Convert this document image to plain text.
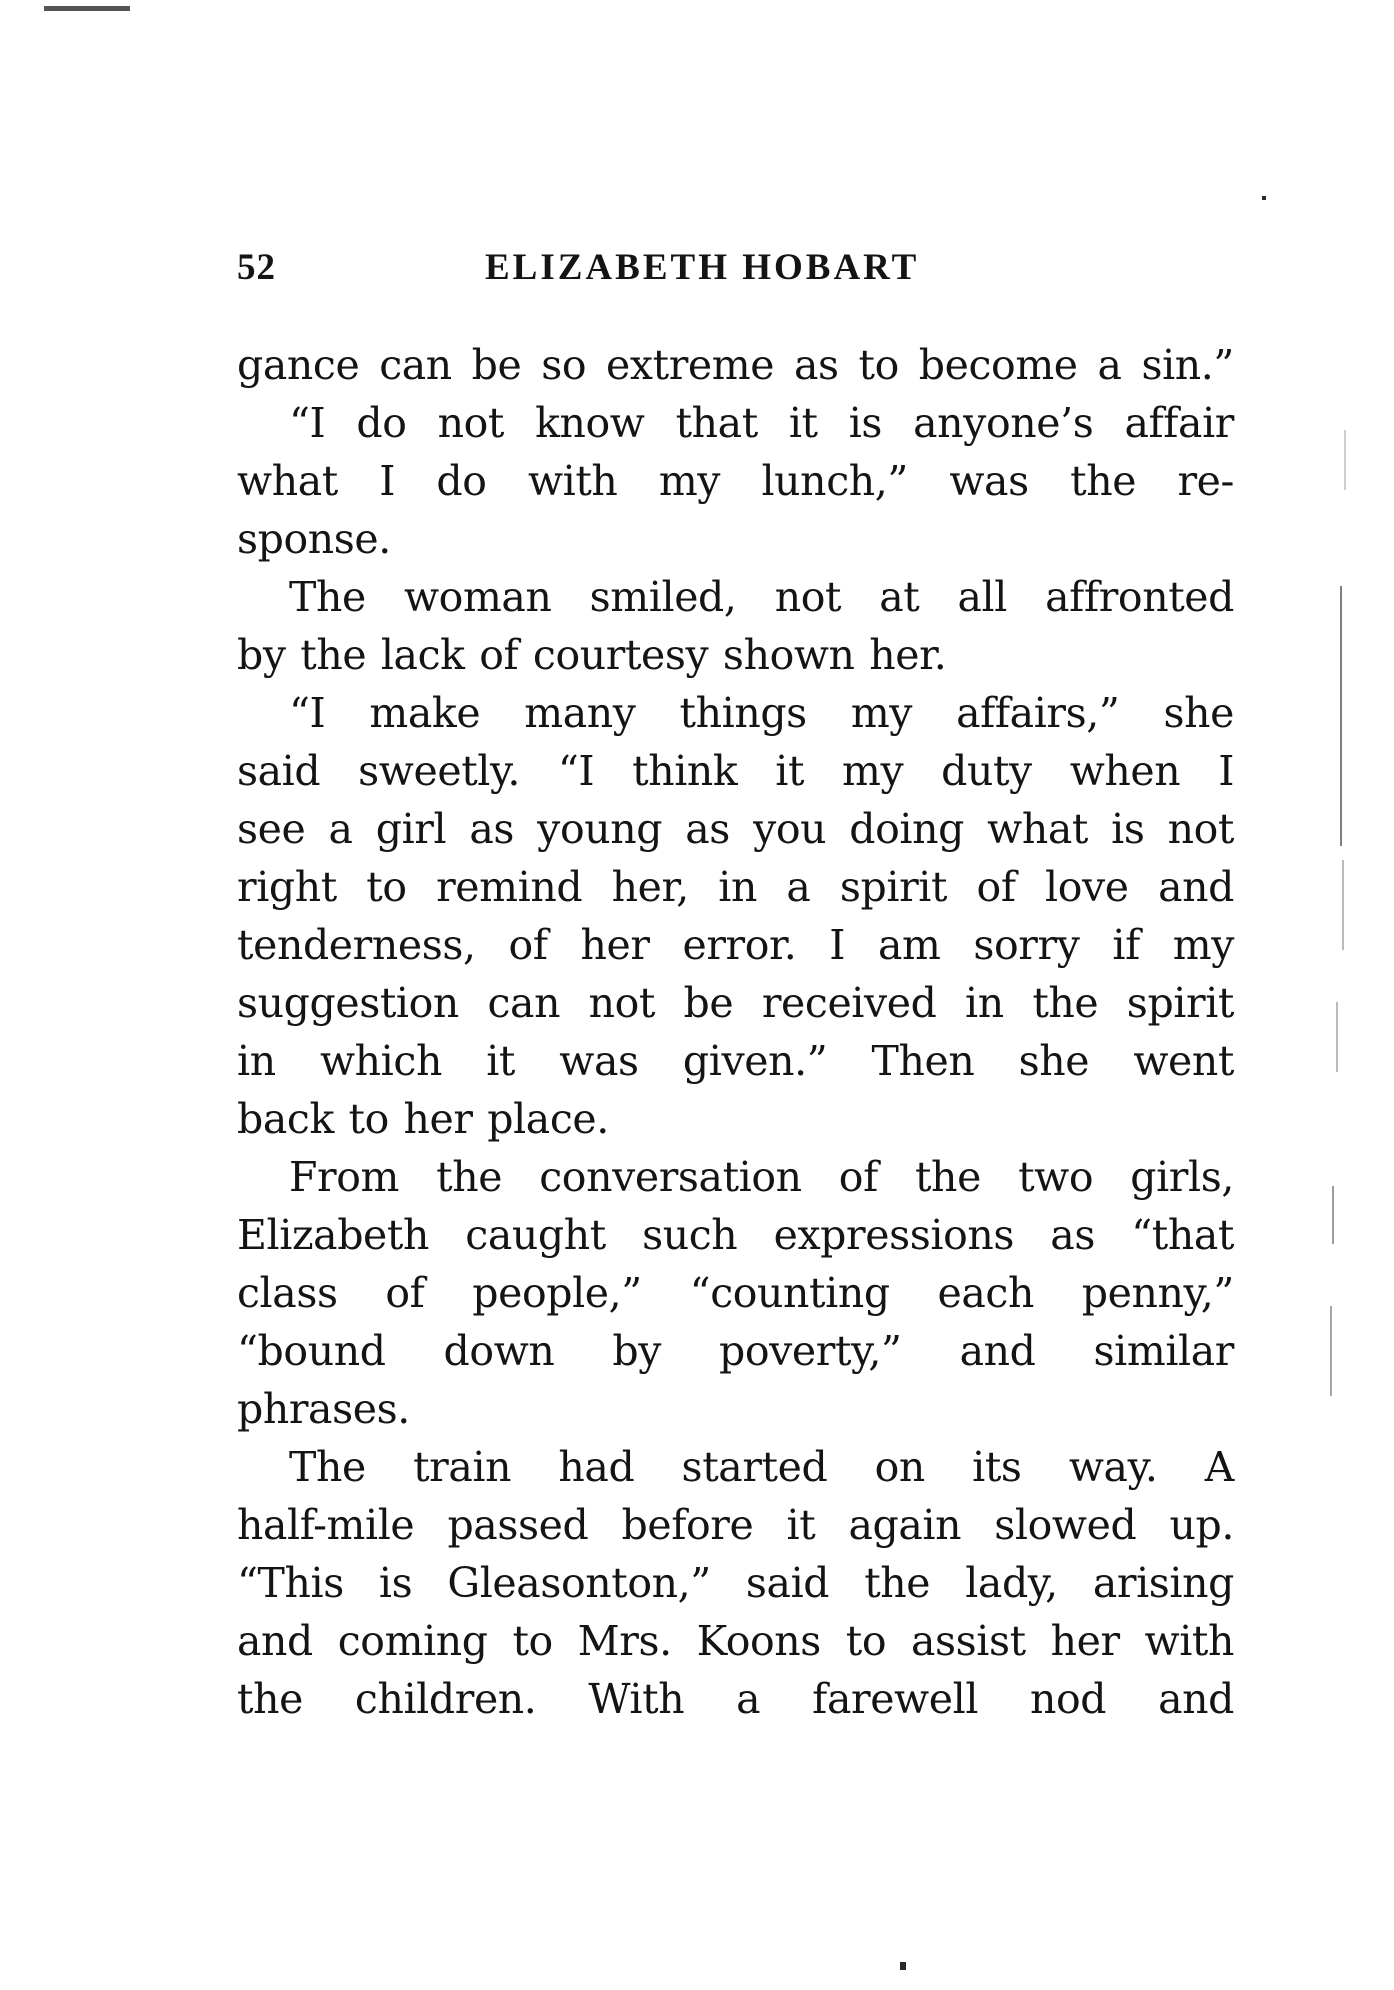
52	ELIZABETH HOBART
gance can be so extreme as to become a sin.”
“I do not know that it is anyone’s affair
what I do with my lunch,” was the re-
sponse.
The woman smiled, not at all affronted
by the lack of courtesy shown her.
“I make many things my affairs,” she
said sweetly. “I think it my duty when I
see a girl as young as you doing what is not
right to remind her, in a spirit of love and
tenderness, of her error. I am sorry if my
suggestion can not be received in the spirit
in which it was given.” Then she went
back to her place.
From the conversation of the two girls,
Elizabeth caught such expressions as “that
class of people,” “counting each penny,”
“bound down by poverty,” and similar
phrases.
The train had started on its way. A
half-mile passed before it again slowed up.
“This is Gleasonton,” said the lady, arising
and coming to Mrs. Koons to assist her with
the children. With a farewell nod and
